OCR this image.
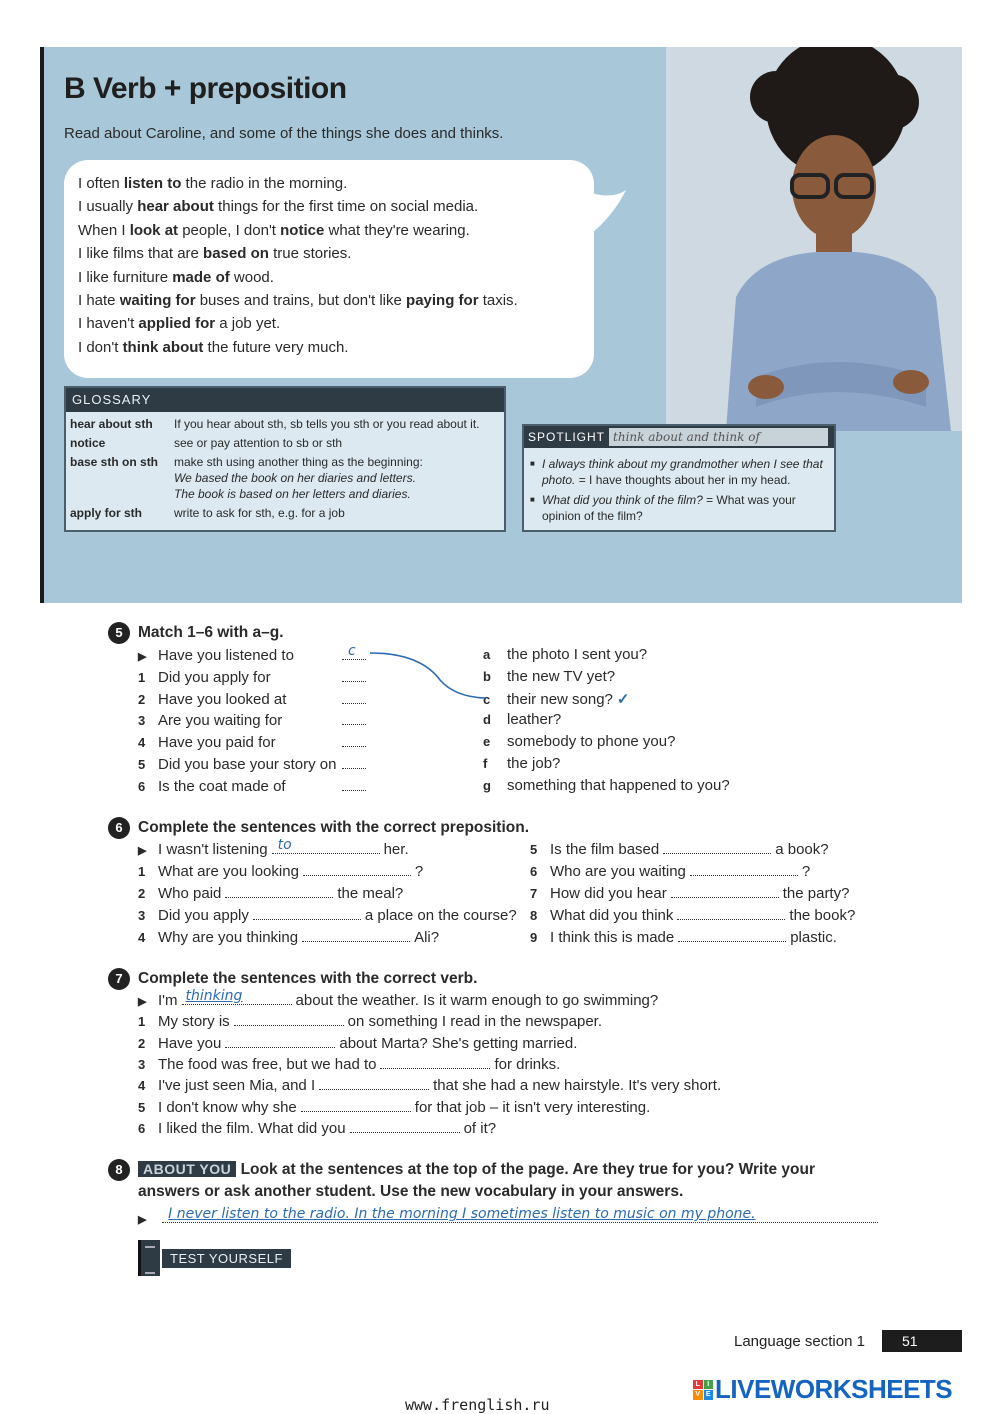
B Verb + preposition
Read about Caroline, and some of the things she does and thinks.
I often listen to the radio in the morning.
I usually hear about things for the first time on social media.
When I look at people, I don't notice what they're wearing.
I like films that are based on true stories.
I like furniture made of wood.
I hate waiting for buses and trains, but don't like paying for taxis.
I haven't applied for a job yet.
I don't think about the future very much.
GLOSSARY
hear about sth	If you hear about sth, sb tells you sth or you read about it.
notice	see or pay attention to sb or sth
base sth on sth	make sth using another thing as the beginning:
We based the book on her diaries and letters.
The book is based on her letters and diaries.
apply for sth	write to ask for sth, e.g. for a job
SPOTLIGHT think about and think of
■ I always think about my grandmother when I see that photo. = I have thoughts about her in my head.
■ What did you think of the film? = What was your opinion of the film?
5 Match 1–6 with a–g.
▶ Have you listened to	c
1 Did you apply for
2 Have you looked at
3 Are you waiting for
4 Have you paid for
5 Did you base your story on
6 Is the coat made of
a the photo I sent you?
b the new TV yet?
c their new song? ✓
d leather?
e somebody to phone you?
f the job?
g something that happened to you?
6 Complete the sentences with the correct preposition.
▶ I wasn't listening to	her.
1 What are you looking	?
2 Who paid	the meal?
3 Did you apply	a place on the course?
4 Why are you thinking	Ali?
5 Is the film based	a book?
6 Who are you waiting	?
7 How did you hear	the party?
8 What did you think	the book?
9 I think this is made	plastic.
7 Complete the sentences with the correct verb.
▶ I'm thinking	about the weather. Is it warm enough to go swimming?
1 My story is	on something I read in the newspaper.
2 Have you	about Marta? She's getting married.
3 The food was free, but we had to	for drinks.
4 I've just seen Mia, and I	that she had a new hairstyle. It's very short.
5 I don't know why she	for that job – it isn't very interesting.
6 I liked the film. What did you	of it?
8	ABOUT YOU Look at the sentences at the top of the page. Are they true for you? Write your
answers or ask another student. Use the new vocabulary in your answers.
▶ I never listen to the radio. In the morning I sometimes listen to music on my phone.
TEST YOURSELF
Language section 1	51
www.frenglish.ru
L	I
V E LIVEWORKSHEETS
